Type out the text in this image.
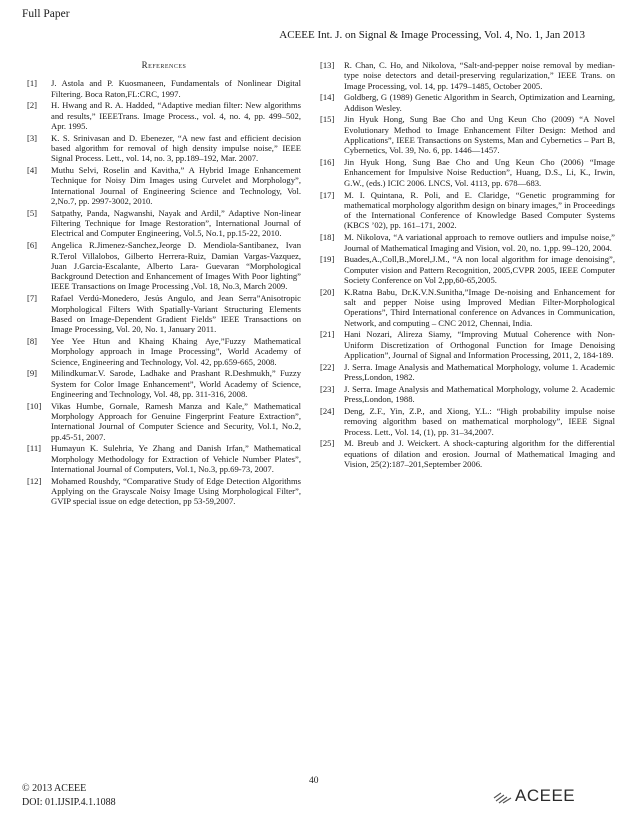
Full Paper
ACEEE Int. J. on Signal & Image Processing, Vol. 4, No. 1, Jan 2013
References
[1]	J. Astola and P. Kuosmaneen, Fundamentals of Nonlinear Digital Filtering. Boca Raton,FL:CRC, 1997.
[2]	H. Hwang and R. A. Hadded, “Adaptive median filter: New algorithms and results,” IEEETrans. Image Process., vol. 4, no. 4, pp. 499–502, Apr. 1995.
[3]	K. S. Srinivasan and D. Ebenezer, “A new fast and efficient decision based algorithm for removal of high density impulse noise,” IEEE Signal Process. Lett., vol. 14, no. 3, pp.189–192, Mar. 2007.
[4]	Muthu Selvi, Roselin and Kavitha,” A Hybrid Image Enhancement Technique for Noisy Dim Images using Curvelet and Morphology”, International Journal of Engineering Science and Technology, Vol. 2,No.7, pp. 2997-3002, 2010.
[5]	Satpathy, Panda, Nagwanshi, Nayak and Ardil,” Adaptive Non-linear Filtering Technique for Image Restoration”, International Journal of Electrical and Computer Engineering, Vol.5, No.1, pp.15-22, 2010.
[6]	Angelica R.Jimenez-Sanchez,Jeorge D. Mendiola-Santibanez, Ivan R.Terol Villalobos, Gilberto Herrera-Ruiz, Damian Vargas-Vazquez, Juan J.Garcia-Escalante, Alberto Lara- Guevaran “Morphological Background Detection and Enhancement of Images With Poor lighting” IEEE Transactions on Image Processing ,Vol. 18, No.3, March 2009.
[7]	Rafael Verdú-Monedero, Jesús Angulo, and Jean Serra”Anisotropic Morphological Filters With Spatially-Variant Structuring Elements Based on Image-Dependent Gradient Fields” IEEE Transactions on Image Processing, Vol. 20, No. 1, January 2011.
[8]	Yee Yee Htun and Khaing Khaing Aye,”Fuzzy Mathematical Morphology approach in Image Processing”, World Academy of Science, Engineering and Technology, Vol. 42, pp.659-665, 2008.
[9]	Milindkumar.V. Sarode, Ladhake and Prashant R.Deshmukh,” Fuzzy System for Color Image Enhancement”, World Academy of Science, Engineering and Technology, Vol. 48, pp. 311-316, 2008.
[10]	Vikas Humbe, Gornale, Ramesh Manza and Kale,” Mathematical Morphology Approach for Genuine Fingerprint Feature Extraction”, International Journal of Computer Science and Security, Vol.1, No.2, pp.45-51, 2007.
[11]	Humayun K. Sulehria, Ye Zhang and Danish Irfan,” Mathematical Morphology Methodology for Extraction of Vehicle Number Plates”, International Journal of Computers, Vol.1, No.3, pp.69-73, 2007.
[12]	Mohamed Roushdy, “Comparative Study of Edge Detection Algorithms Applying on the Grayscale Noisy Image Using Morphological Filter”, GVIP special issue on edge detection, pp 53-59,2007.
[13]	R. Chan, C. Ho, and Nikolova, “Salt-and-pepper noise removal by median-type noise detectors and detail-preserving regularization,” IEEE Trans. on Image Processing, vol. 14, pp. 1479–1485, October 2005.
[14]	Goldberg, G (1989) Genetic Algorithm in Search, Optimization and Learning, Addison Wesley.
[15]	Jin Hyuk Hong, Sung Bae Cho and Ung Keun Cho (2009) “A Novel Evolutionary Method to Image Enhancement Filter Design: Method and Applications”, IEEE Transactions on Systems, Man and Cybernetics – Part B, Cybernetics, Vol. 39, No. 6, pp. 1446—1457.
[16]	Jin Hyuk Hong, Sung Bae Cho and Ung Keun Cho (2006) “Image Enhancement for Impulsive Noise Reduction”, Huang, D.S., Li, K., Irwin, G.W., (eds.) ICIC 2006. LNCS, Vol. 4113, pp. 678—683.
[17]	M. I. Quintana, R. Poli, and E. Claridge, “Genetic programming for mathematical morphology algorithm design on binary images,” in Proceedings of the International Conference of Knowledge Based Computer Systems (KBCS ’02), pp. 161–171, 2002.
[18]	M. Nikolova, “A variational approach to remove outliers and impulse noise,” Journal of Mathematical Imaging and Vision, vol. 20, no. 1,pp. 99–120, 2004.
[19]	Buades,A.,Coll,B.,Morel,J.M., “A non local algorithm for image denoising”, Computer vision and Pattern Recognition, 2005,CVPR 2005, IEEE Computer Society Conference on Vol 2,pp,60-65,2005.
[20]	K.Ratna Babu, Dr.K.V.N.Sunitha,”Image De-noising and Enhancement for salt and pepper Noise using Improved Median Filter-Morphological Operations”, Third International conference on Advances in Communication, Network, and computing – CNC 2012, Chennai, India.
[21]	Hani Nozari, Alireza Siamy, “Improving Mutual Coherence with Non-Uniform Discretization of Orthogonal Function for Image Denoising Application”, Journal of Signal and Information Processing, 2011, 2, 184-189.
[22]	J. Serra. Image Analysis and Mathematical Morphology, volume 1. Academic Press,London, 1982.
[23]	J. Serra. Image Analysis and Mathematical Morphology, volume 2. Academic Press,London, 1988.
[24]	Deng, Z.F., Yin, Z.P., and Xiong, Y.L.: “High probability impulse noise removing algorithm based on mathematical morphology”, IEEE Signal Process. Lett., Vol. 14, (1), pp. 31–34,2007.
[25]	M. Breub and J. Weickert. A shock-capturing algorithm for the differential equations of dilation and erosion. Journal of Mathematical Imaging and Vision, 25(2):187–201,September 2006.
40
© 2013 ACEEE
DOI: 01.IJSIP.4.1.1088	ACEEE
